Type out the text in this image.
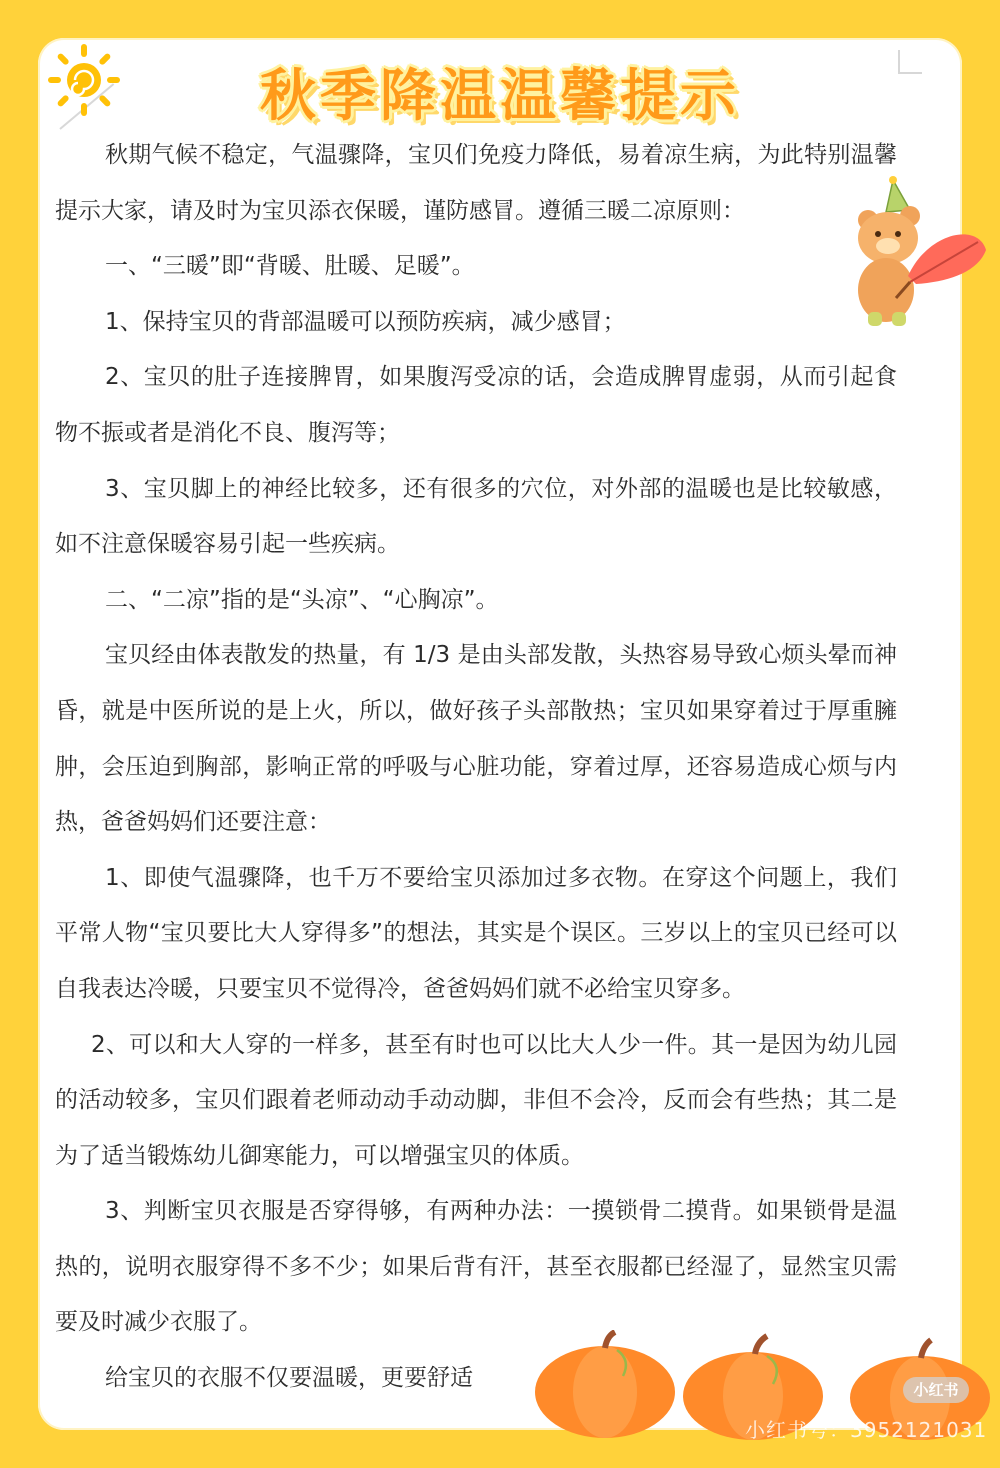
秋季降温温馨提示

秋期气候不稳定，气温骤降，宝贝们免疫力降低，易着凉生病，为此特别温馨提示大家，请及时为宝贝添衣保暖，谨防感冒。遵循三暖二凉原则：

一、“三暖”即“背暖、肚暖、足暖”。

1、保持宝贝的背部温暖可以预防疾病，减少感冒；

2、宝贝的肚子连接脾胃，如果腹泻受凉的话，会造成脾胃虚弱，从而引起食物不振或者是消化不良、腹泻等；

3、宝贝脚上的神经比较多，还有很多的穴位，对外部的温暖也是比较敏感，如不注意保暖容易引起一些疾病。

二、“二凉”指的是“头凉”、“心胸凉”。

宝贝经由体表散发的热量，有 1/3 是由头部发散，头热容易导致心烦头晕而神昏，就是中医所说的是上火，所以，做好孩子头部散热；宝贝如果穿着过于厚重臃肿，会压迫到胸部，影响正常的呼吸与心脏功能，穿着过厚，还容易造成心烦与内热，爸爸妈妈们还要注意：

1、即使气温骤降，也千万不要给宝贝添加过多衣物。在穿这个问题上，我们平常人物“宝贝要比大人穿得多”的想法，其实是个误区。三岁以上的宝贝已经可以自我表达冷暖，只要宝贝不觉得冷，爸爸妈妈们就不必给宝贝穿多。

2、可以和大人穿的一样多，甚至有时也可以比大人少一件。其一是因为幼儿园的活动较多，宝贝们跟着老师动动手动动脚，非但不会冷，反而会有些热；其二是为了适当锻炼幼儿御寒能力，可以增强宝贝的体质。

3、判断宝贝衣服是否穿得够，有两种办法：一摸锁骨二摸背。如果锁骨是温热的，说明衣服穿得不多不少；如果后背有汗，甚至衣服都已经湿了，显然宝贝需要及时减少衣服了。

给宝贝的衣服不仅要温暖，更要舒适	小红书
小红书号：3952121031
